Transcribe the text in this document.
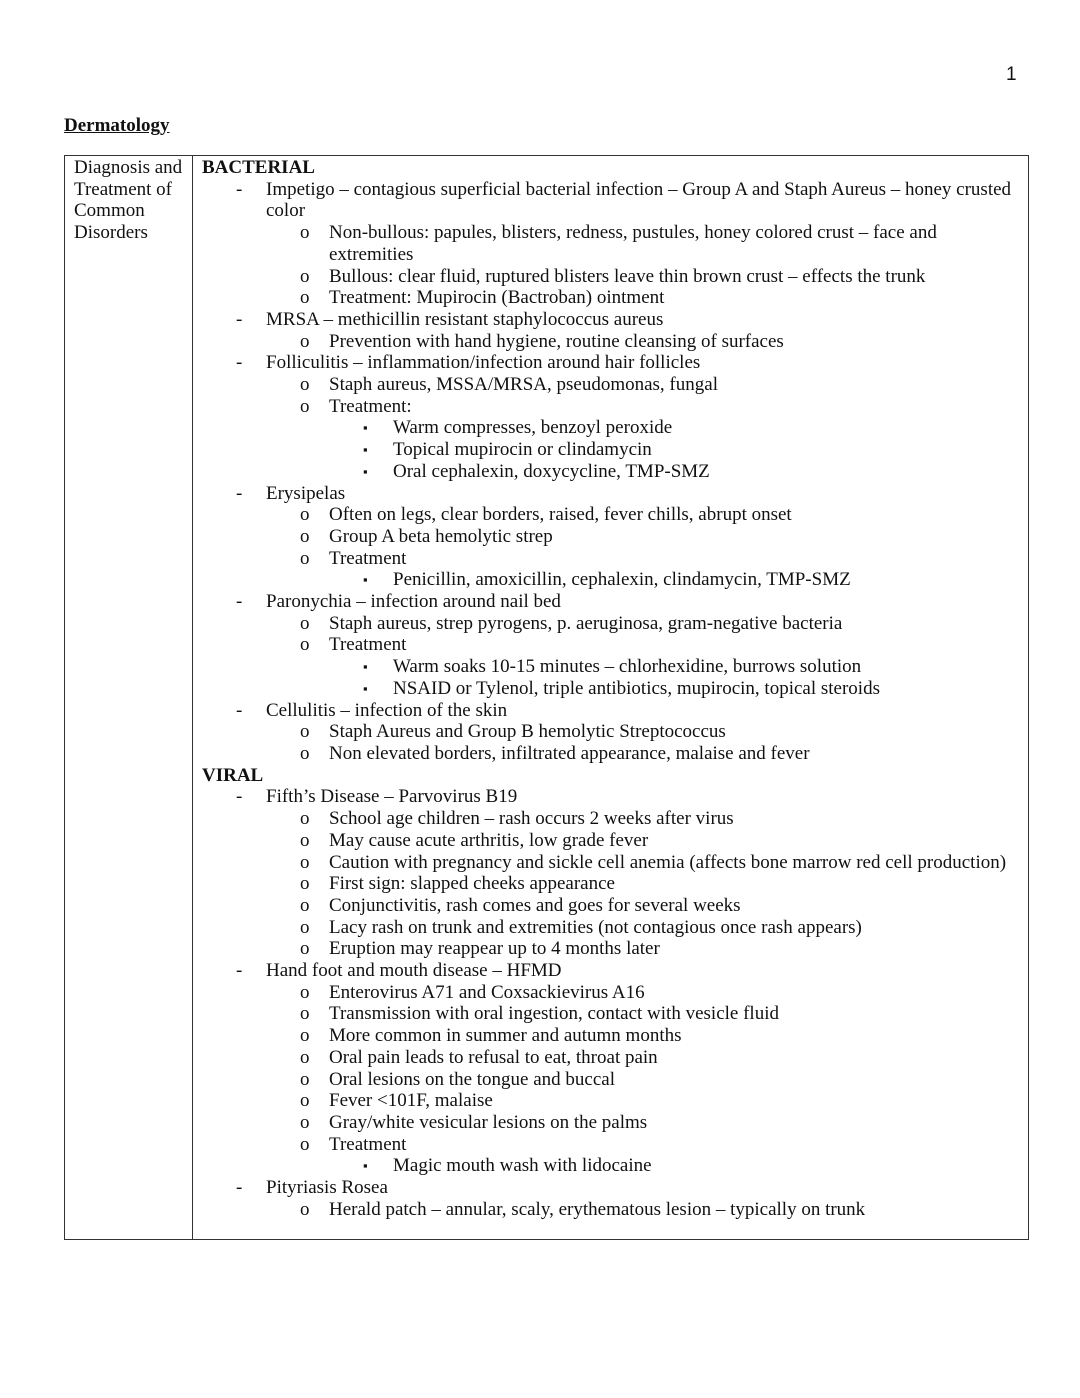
1
Dermatology
Diagnosis and Treatment of Common Disorders	
BACTERIAL
- Impetigo – contagious superficial bacterial infection – Group A and Staph Aureus – honey crusted color
o Non-bullous: papules, blisters, redness, pustules, honey colored crust – face and extremities
o Bullous: clear fluid, ruptured blisters leave thin brown crust – effects the trunk
o Treatment: Mupirocin (Bactroban) ointment
- MRSA – methicillin resistant staphylococcus aureus
o Prevention with hand hygiene, routine cleansing of surfaces
- Folliculitis – inflammation/infection around hair follicles
o Staph aureus, MSSA/MRSA, pseudomonas, fungal
o Treatment:
▪ Warm compresses, benzoyl peroxide
▪ Topical mupirocin or clindamycin
▪ Oral cephalexin, doxycycline, TMP-SMZ
- Erysipelas
o Often on legs, clear borders, raised, fever chills, abrupt onset
o Group A beta hemolytic strep
o Treatment
▪ Penicillin, amoxicillin, cephalexin, clindamycin, TMP-SMZ
- Paronychia – infection around nail bed
o Staph aureus, strep pyrogens, p. aeruginosa, gram-negative bacteria
o Treatment
▪ Warm soaks 10-15 minutes – chlorhexidine, burrows solution
▪ NSAID or Tylenol, triple antibiotics, mupirocin, topical steroids
- Cellulitis – infection of the skin
o Staph Aureus and Group B hemolytic Streptococcus
o Non elevated borders, infiltrated appearance, malaise and fever
VIRAL
- Fifth’s Disease – Parvovirus B19
o School age children – rash occurs 2 weeks after virus
o May cause acute arthritis, low grade fever
o Caution with pregnancy and sickle cell anemia (affects bone marrow red cell production)
o First sign: slapped cheeks appearance
o Conjunctivitis, rash comes and goes for several weeks
o Lacy rash on trunk and extremities (not contagious once rash appears)
o Eruption may reappear up to 4 months later
- Hand foot and mouth disease – HFMD
o Enterovirus A71 and Coxsackievirus A16
o Transmission with oral ingestion, contact with vesicle fluid
o More common in summer and autumn months
o Oral pain leads to refusal to eat, throat pain
o Oral lesions on the tongue and buccal
o Fever <101F, malaise
o Gray/white vesicular lesions on the palms
o Treatment
▪ Magic mouth wash with lidocaine
- Pityriasis Rosea
o Herald patch – annular, scaly, erythematous lesion – typically on trunk
